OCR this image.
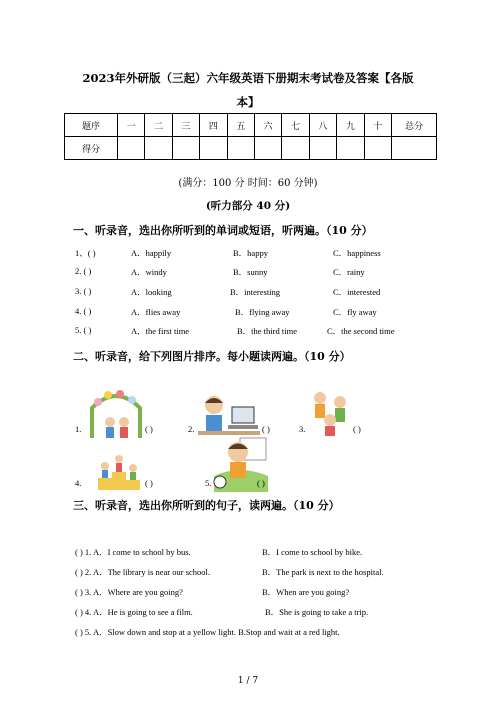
2023年外研版（三起）六年级英语下册期末考试卷及答案【各版
本】
题序	一	二	三	四	五	六	七	八	九	十	总分
得分											
(满分：100 分 时间：60 分钟)
(听力部分 40 分)
一、听录音，选出你所听到的单词或短语，听两遍。（10 分）
1、( )	A．happily	B．happy	C．happiness
2. ( )	A．windy	B．sunny	C．rainy
3. ( )	A．looking	B．interesting	C．interested
4. ( )	A．flies away	B．flying away	C．fly away
5. ( )	A．the first time	B．the third time	C．the second time
二、听录音，给下列图片排序。每小题读两遍。（10 分）
1.	( )	2.	( )	3.	( )
4.	( )	5.	( )
三、听录音，选出你所听到的句子，读两遍。（10 分）
( ) 1. A．I come to school by bus.	B．I come to school by bike.
( ) 2. A．The library is near our school.	B．The park is next to the hospital.
( ) 3. A．Where are you going?	B．When are you going?
( ) 4. A．He is going to see a film.	B．She is going to take a trip.
( ) 5. A．Slow down and stop at a yellow light. B.Stop and wait at a red light.
1 / 7
